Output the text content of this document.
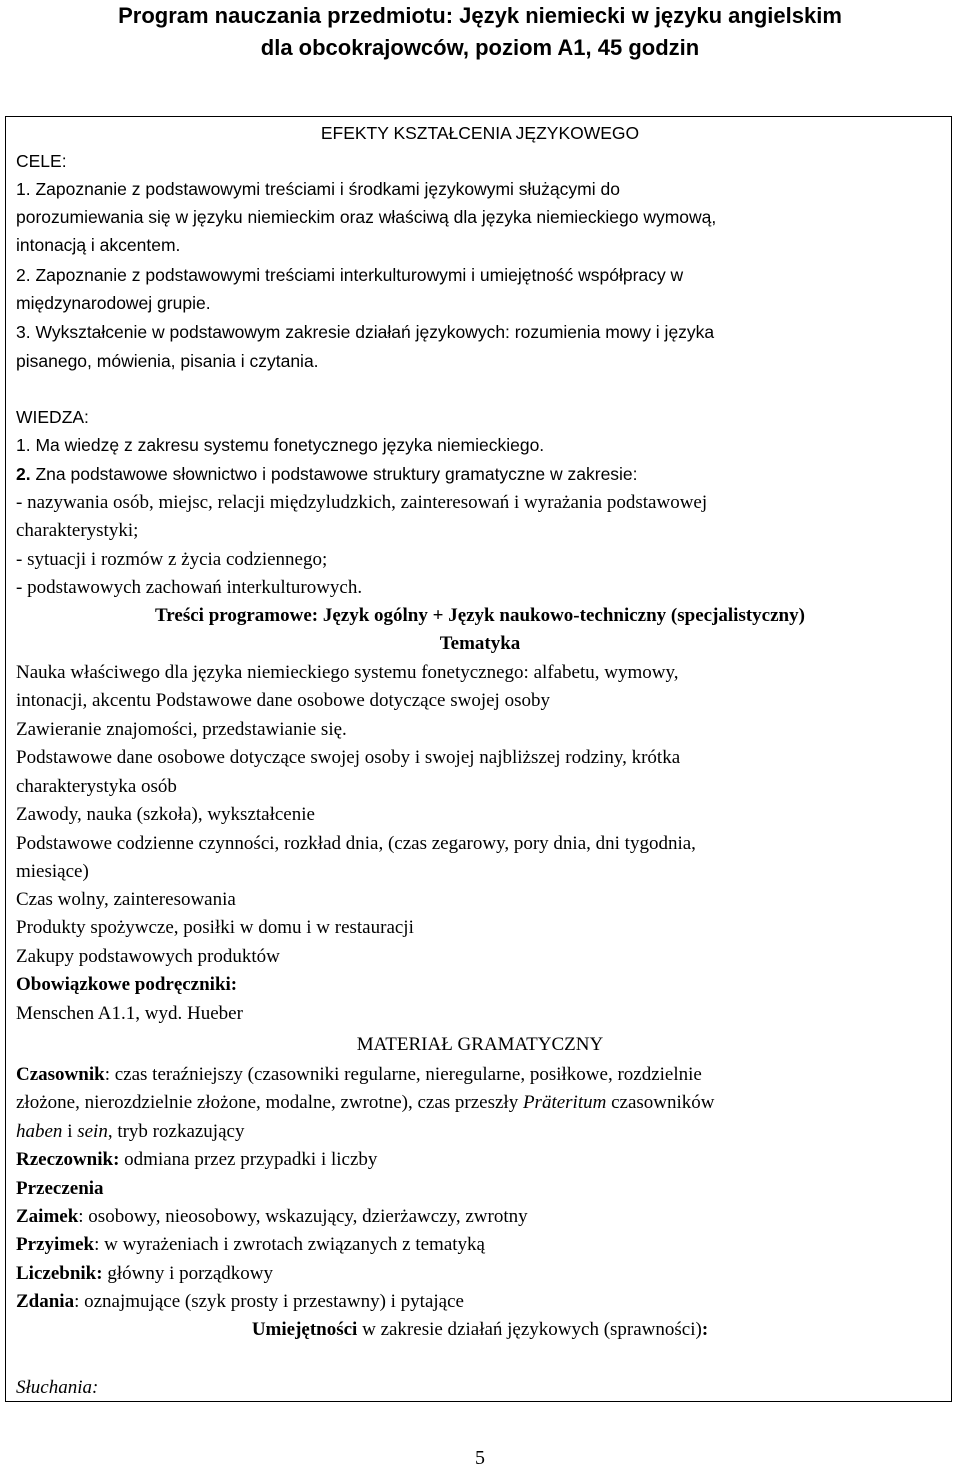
Program nauczania przedmiotu: Język niemiecki w języku angielskim
dla obcokrajowców, poziom A1, 45 godzin
EFEKTY KSZTAŁCENIA JĘZYKOWEGO
CELE:
1. Zapoznanie z podstawowymi treściami i środkami językowymi służącymi do
porozumiewania się w języku niemieckim oraz właściwą dla języka niemieckiego wymową,
intonacją i akcentem.
2. Zapoznanie z podstawowymi treściami interkulturowymi i umiejętność współpracy w
międzynarodowej grupie.
3. Wykształcenie w podstawowym zakresie działań językowych: rozumienia mowy i języka
pisanego, mówienia, pisania i czytania.
WIEDZA:
1. Ma wiedzę z zakresu systemu fonetycznego języka niemieckiego.
2. Zna podstawowe słownictwo i podstawowe struktury gramatyczne w zakresie:
- nazywania osób, miejsc, relacji międzyludzkich, zainteresowań i wyrażania podstawowej
charakterystyki;
- sytuacji i rozmów z życia codziennego;
- podstawowych zachowań interkulturowych.
Treści programowe: Język ogólny + Język naukowo-techniczny (specjalistyczny)
Tematyka
Nauka właściwego dla języka niemieckiego systemu fonetycznego: alfabetu, wymowy,
intonacji, akcentu Podstawowe dane osobowe dotyczące swojej osoby
Zawieranie znajomości, przedstawianie się.
Podstawowe dane osobowe dotyczące swojej osoby i swojej najbliższej rodziny, krótka
charakterystyka osób
Zawody, nauka (szkoła), wykształcenie
Podstawowe codzienne czynności, rozkład dnia, (czas zegarowy, pory dnia, dni tygodnia,
miesiące)
Czas wolny, zainteresowania
Produkty spożywcze, posiłki w domu i w restauracji
Zakupy podstawowych produktów
Obowiązkowe podręczniki:
Menschen A1.1, wyd. Hueber
MATERIAŁ GRAMATYCZNY
Czasownik: czas teraźniejszy (czasowniki regularne, nieregularne, posiłkowe, rozdzielnie
złożone, nierozdzielnie złożone, modalne, zwrotne), czas przeszły Präteritum czasowników
haben i sein, tryb rozkazujący
Rzeczownik: odmiana przez przypadki i liczby
Przeczenia
Zaimek: osobowy, nieosobowy, wskazujący, dzierżawczy, zwrotny
Przyimek: w wyrażeniach i zwrotach związanych z tematyką
Liczebnik: główny i porządkowy
Zdania: oznajmujące (szyk prosty i przestawny) i pytające
Umiejętności w zakresie działań językowych (sprawności):
Słuchania:
5
